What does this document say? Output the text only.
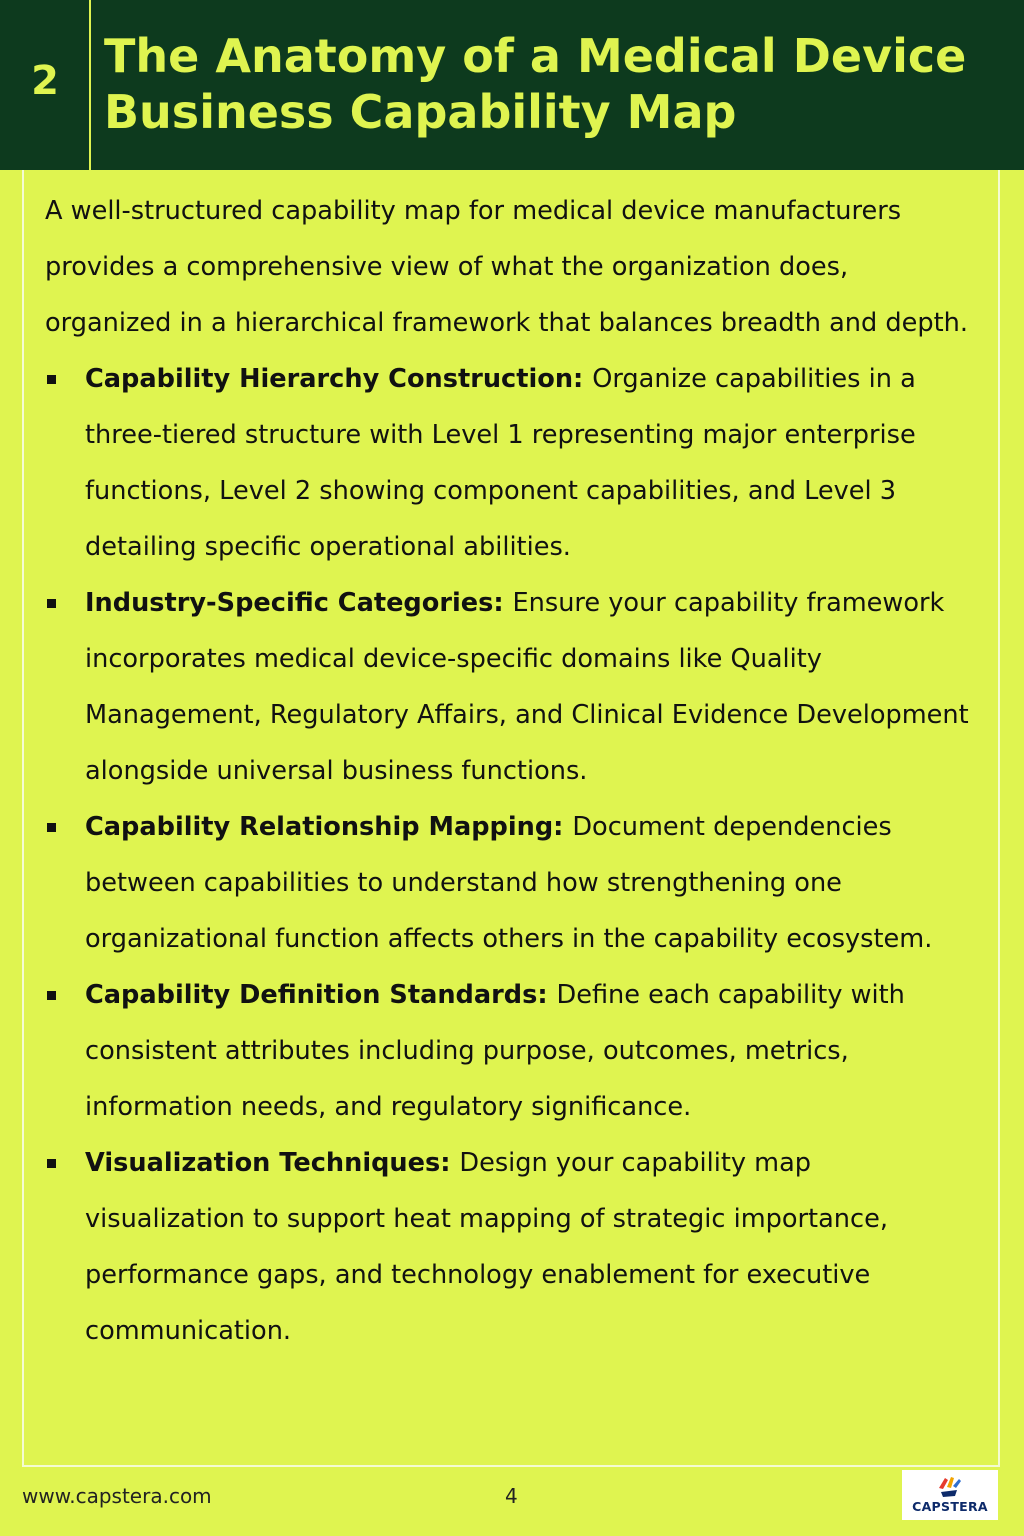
2 The Anatomy of a Medical Device
Business Capability Map

A well-structured capability map for medical device manufacturers provides a comprehensive view of what the organization does, organized in a hierarchical framework that balances breadth and depth.

Capability Hierarchy Construction: Organize capabilities in a three-tiered structure with Level 1 representing major enterprise functions, Level 2 showing component capabilities, and Level 3 detailing specific operational abilities.
Industry-Specific Categories: Ensure your capability framework incorporates medical device-specific domains like Quality Management, Regulatory Affairs, and Clinical Evidence Development alongside universal business functions.
Capability Relationship Mapping: Document dependencies between capabilities to understand how strengthening one organizational function affects others in the capability ecosystem.
Capability Definition Standards: Define each capability with consistent attributes including purpose, outcomes, metrics, information needs, and regulatory significance.
Visualization Techniques: Design your capability map visualization to support heat mapping of strategic importance, performance gaps, and technology enablement for executive communication.
www.capstera.com	4	CAPSTERA
